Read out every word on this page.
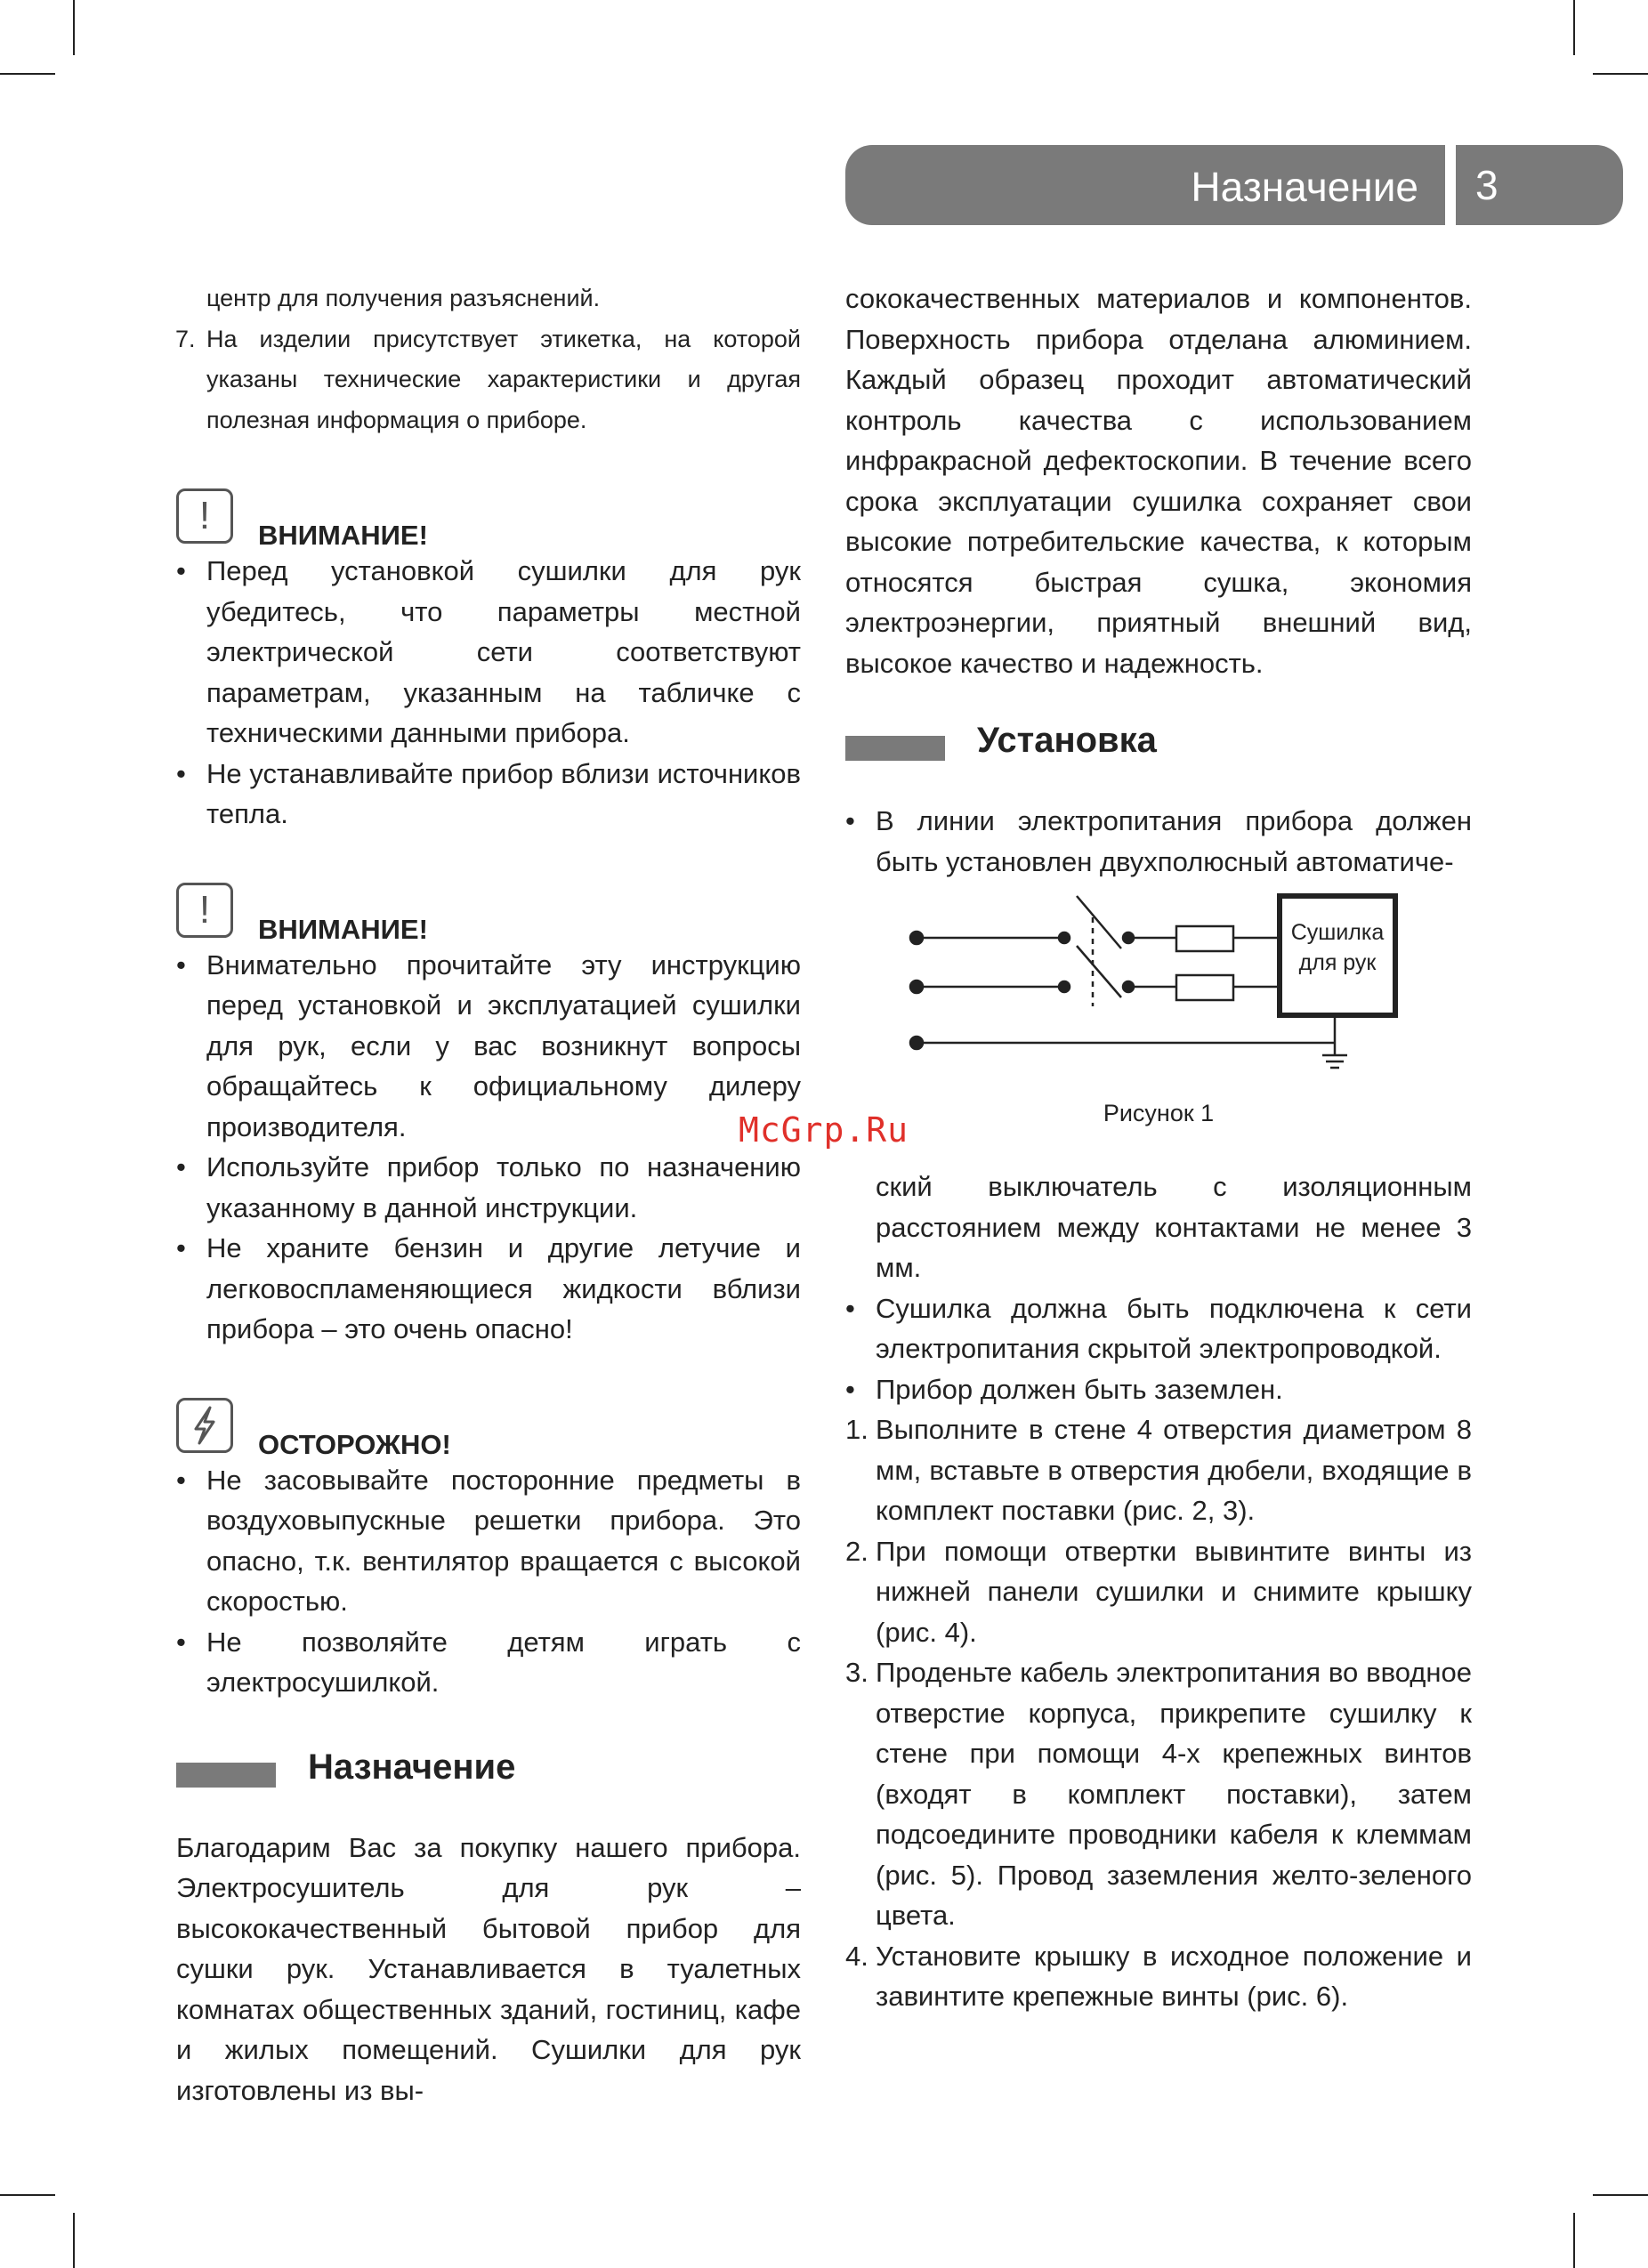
Назначение	3

центр для получения разъяснений.

7. На изделии присутствует этикетка, на которой указаны технические характеристики и другая полезная информация о приборе.
!	ВНИМАНИЕ!
• Перед установкой сушилки для рук убедитесь, что параметры местной электрической сети соответствуют параметрам, указанным на табличке с техническими данными прибора.
• Не устанавливайте прибор вблизи источников тепла.
!	ВНИМАНИЕ!
• Внимательно прочитайте эту инструкцию перед установкой и эксплуатацией сушилки для рук, если у вас возникнут вопросы обращайтесь к официальному дилеру производителя.
• Используйте прибор только по назначению указанному в данной инструкции.
• Не храните бензин и другие летучие и легковоспламеняющиеся жидкости вблизи прибора – это очень опасно!
ОСТОРОЖНО!
• Не засовывайте посторонние предметы в воздуховыпускные решетки прибора. Это опасно, т.к. вентилятор вращается с высокой скоростью.
• Не позволяйте детям играть с электросушилкой.
Назначение

Благодарим Вас за покупку нашего прибора. Электросушитель для рук – высококачественный бытовой прибор для сушки рук. Устанавливается в туалетных комнатах общественных зданий, гостиниц, кафе и жилых помещений. Сушилки для рук изготовлены из вы-

сококачественных материалов и компонентов. Поверхность прибора отделана алюминием. Каждый образец проходит автоматический контроль качества с использованием инфракрасной дефектоскопии. В течение всего срока эксплуатации сушилка сохраняет свои высокие потребительские качества, к которым относятся быстрая сушка, экономия электроэнергии, приятный внешний вид, высокое качество и надежность.

Установка
• В линии электропитания прибора должен быть установлен двухполюсный автоматиче-
Сушилка
для рук
Рисунок 1

ский выключатель с изоляционным расстоянием между контактами не менее 3 мм.

• Сушилка должна быть подключена к сети электропитания скрытой электропроводкой.
• Прибор должен быть заземлен.
1. Выполните в стене 4 отверстия диаметром 8 мм, вставьте в отверстия дюбели, входящие в комплект поставки (рис. 2, 3).
2. При помощи отвертки вывинтите винты из нижней панели сушилки и снимите крышку (рис. 4).
3. Проденьте кабель электропитания во вводное отверстие корпуса, прикрепите сушилку к стене при помощи 4-х крепежных винтов (входят в комплект поставки), затем подсоедините проводники кабеля к клеммам (рис. 5). Провод заземления желто-зеленого цвета.
4. Установите крышку в исходное положение и завинтите крепежные винты (рис. 6).
McGrp.Ru
